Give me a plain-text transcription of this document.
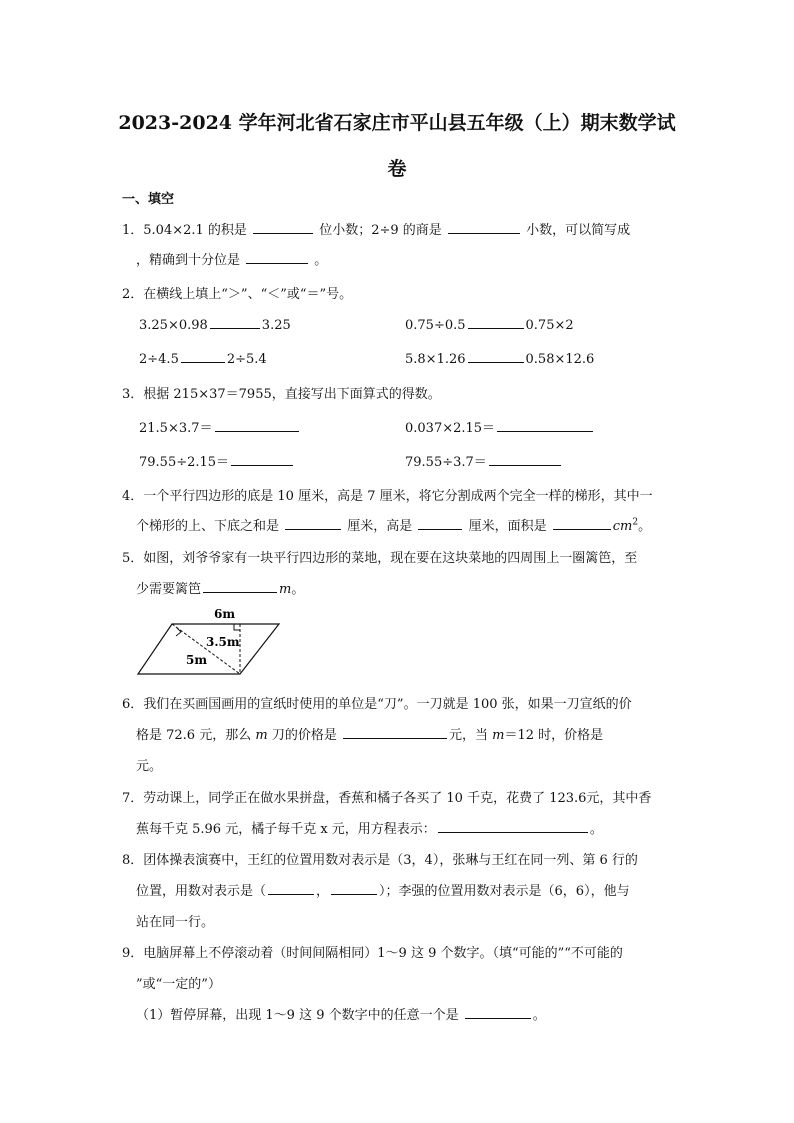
2023-2024 学年河北省石家庄市平山县五年级（上）期末数学试
卷
一、填空
1．5.04×2.1 的积是	位小数；2÷9 的商是	小数，可以简写成
，精确到十分位是	。
2．在横线上填上“＞”、“＜”或“＝”号。
3.25×0.98	3.25	0.75÷0.5	0.75×2
2÷4.5	2÷5.4	5.8×1.26	0.58×12.6
3．根据 215×37＝7955，直接写出下面算式的得数。
21.5×3.7＝	0.037×2.15＝
79.55÷2.15＝	79.55÷3.7＝
4．一个平行四边形的底是 10 厘米，高是 7 厘米，将它分割成两个完全一样的梯形，其中一
个梯形的上、下底之和是	厘米，高是	厘米，面积是	$cm^2$。
5．如图，刘爷爷家有一块平行四边形的菜地，现在要在这块菜地的四周围上一圈篱笆，至
少需要篱笆	m。
6m
3.5m
5m
6．我们在买画国画用的宣纸时使用的单位是“刀”。一刀就是 100 张，如果一刀宣纸的价
格是 72.6 元，那么 m 刀的价格是	元，当 m＝12 时，价格是
元。
7．劳动课上，同学正在做水果拼盘，香蕉和橘子各买了 10 千克，花费了 123.6元，其中香
蕉每千克 5.96 元，橘子每千克 x 元，用方程表示：	。
8．团体操表演赛中，王红的位置用数对表示是（3，4），张琳与王红在同一列、第 6 行的
位置，用数对表示是（	，	）；李强的位置用数对表示是（6，6），他与
站在同一行。
9．电脑屏幕上不停滚动着（时间间隔相同）1～9 这 9 个数字。（填“可能的”“不可能的
”或“一定的”）
（1）暂停屏幕，出现 1～9 这 9 个数字中的任意一个是	。
